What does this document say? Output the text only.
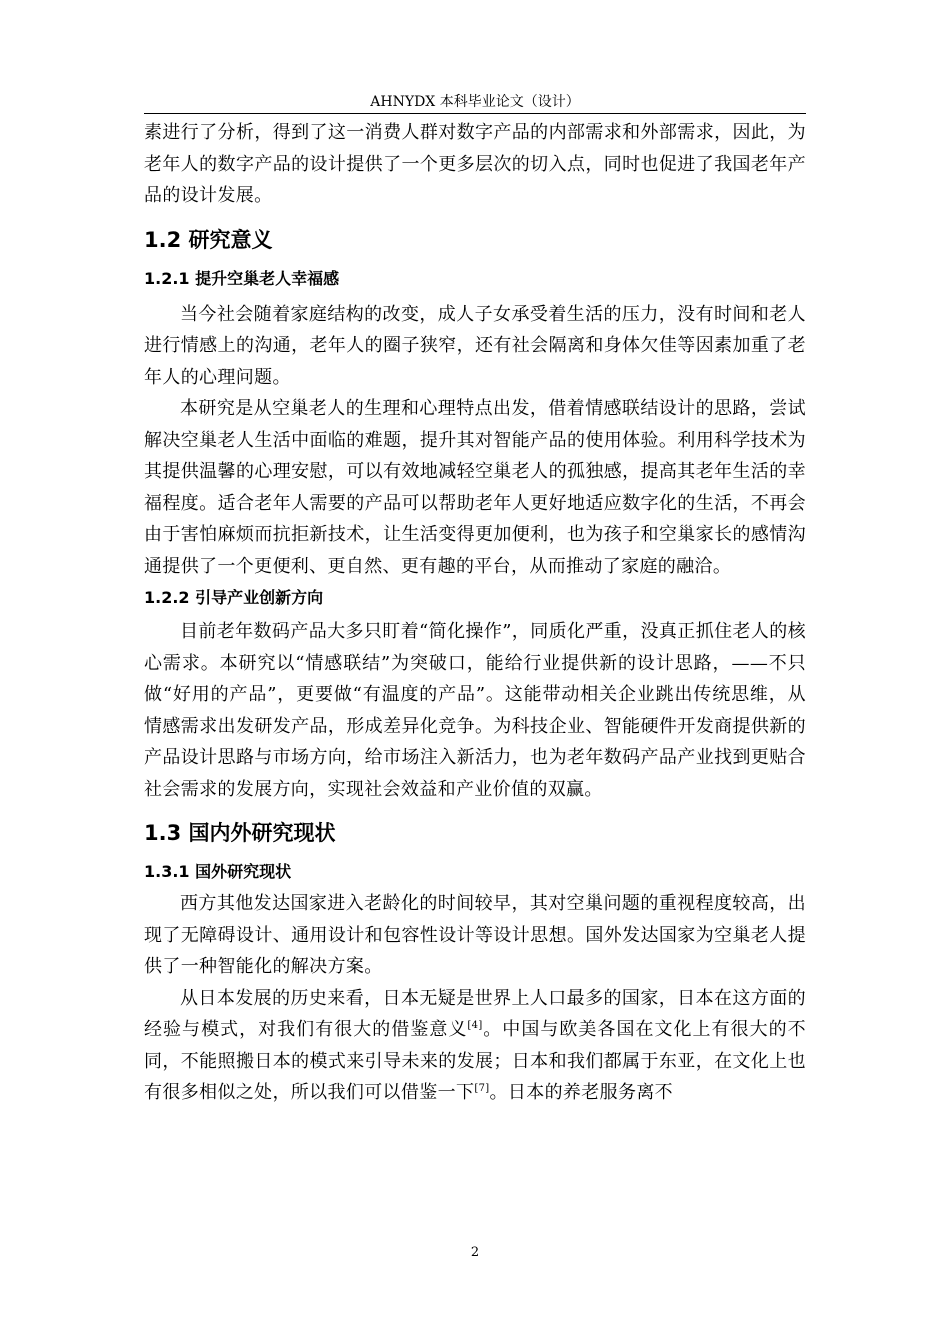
AHNYDX 本科毕业论文（设计）

素进行了分析，得到了这一消费人群对数字产品的内部需求和外部需求，因此，为老年人的数字产品的设计提供了一个更多层次的切入点，同时也促进了我国老年产品的设计发展。

1.2 研究意义
1.2.1 提升空巢老人幸福感

当今社会随着家庭结构的改变，成人子女承受着生活的压力，没有时间和老人进行情感上的沟通，老年人的圈子狭窄，还有社会隔离和身体欠佳等因素加重了老年人的心理问题。

本研究是从空巢老人的生理和心理特点出发，借着情感联结设计的思路，尝试解决空巢老人生活中面临的难题，提升其对智能产品的使用体验。利用科学技术为其提供温馨的心理安慰，可以有效地减轻空巢老人的孤独感，提高其老年生活的幸福程度。适合老年人需要的产品可以帮助老年人更好地适应数字化的生活，不再会由于害怕麻烦而抗拒新技术，让生活变得更加便利，也为孩子和空巢家长的感情沟通提供了一个更便利、更自然、更有趣的平台，从而推动了家庭的融洽。

1.2.2 引导产业创新方向

目前老年数码产品大多只盯着“简化操作”，同质化严重，没真正抓住老人的核心需求。本研究以“情感联结”为突破口，能给行业提供新的设计思路，——不只做“好用的产品”，更要做“有温度的产品”。这能带动相关企业跳出传统思维，从情感需求出发研发产品，形成差异化竞争。为科技企业、智能硬件开发商提供新的产品设计思路与市场方向，给市场注入新活力，也为老年数码产品产业找到更贴合社会需求的发展方向，实现社会效益和产业价值的双赢。

1.3 国内外研究现状
1.3.1 国外研究现状

西方其他发达国家进入老龄化的时间较早，其对空巢问题的重视程度较高，出现了无障碍设计、通用设计和包容性设计等设计思想。国外发达国家为空巢老人提供了一种智能化的解决方案。

从日本发展的历史来看，日本无疑是世界上人口最多的国家，日本在这方面的经验与模式，对我们有很大的借鉴意义[4]。中国与欧美各国在文化上有很大的不同，不能照搬日本的模式来引导未来的发展；日本和我们都属于东亚，在文化上也有很多相似之处，所以我们可以借鉴一下[7]。日本的养老服务离不

2
